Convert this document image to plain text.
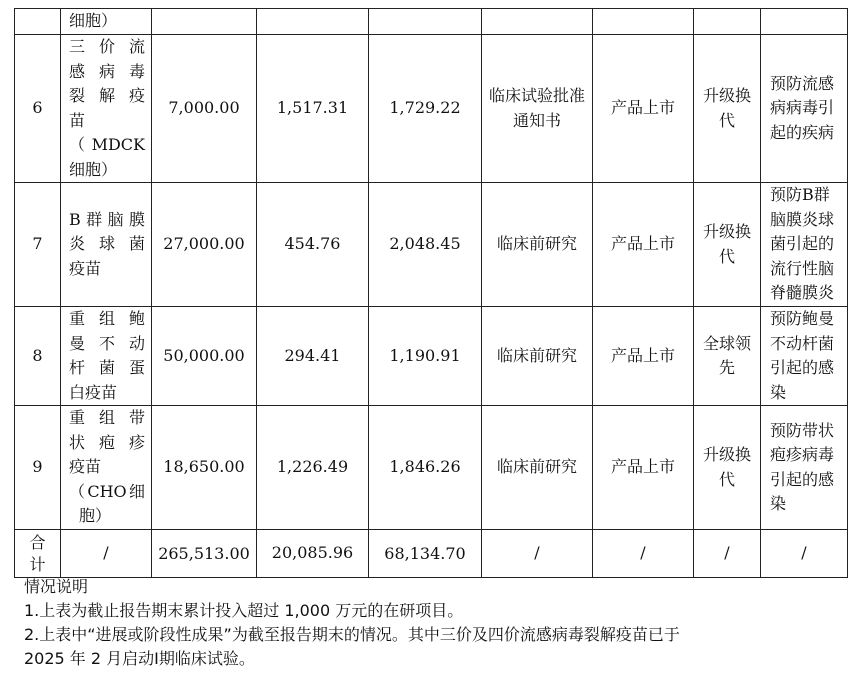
	细胞）							
6	三价流
感病毒
裂解疫
苗（MDCK
细胞）	7,000.00	1,517.31	1,729.22	临床试验批准通知书	产品上市	升级换代	预防流感病病毒引起的疾病
7	B群脑膜
炎球菌
疫苗	27,000.00	454.76	2,048.45	临床前研究	产品上市	升级换代	预防B群脑膜炎球菌引起的流行性脑脊髓膜炎
8	重组鲍
曼不动
杆菌蛋
白疫苗	50,000.00	294.41	1,190.91	临床前研究	产品上市	全球领先	预防鲍曼不动杆菌引起的感染
9	重组带
状疱疹
疫苗
（CHO细
胞）	18,650.00	1,226.49	1,846.26	临床前研究	产品上市	升级换代	预防带状疱疹病毒引起的感染
合计	/	265,513.00	20,085.96	68,134.70	/	/	/	/
情况说明
1.上表为截止报告期末累计投入超过 1,000 万元的在研项目。
2.上表中“进展或阶段性成果”为截至报告期末的情况。其中三价及四价流感病毒裂解疫苗已于
2025 年 2 月启动Ⅰ期临床试验。
